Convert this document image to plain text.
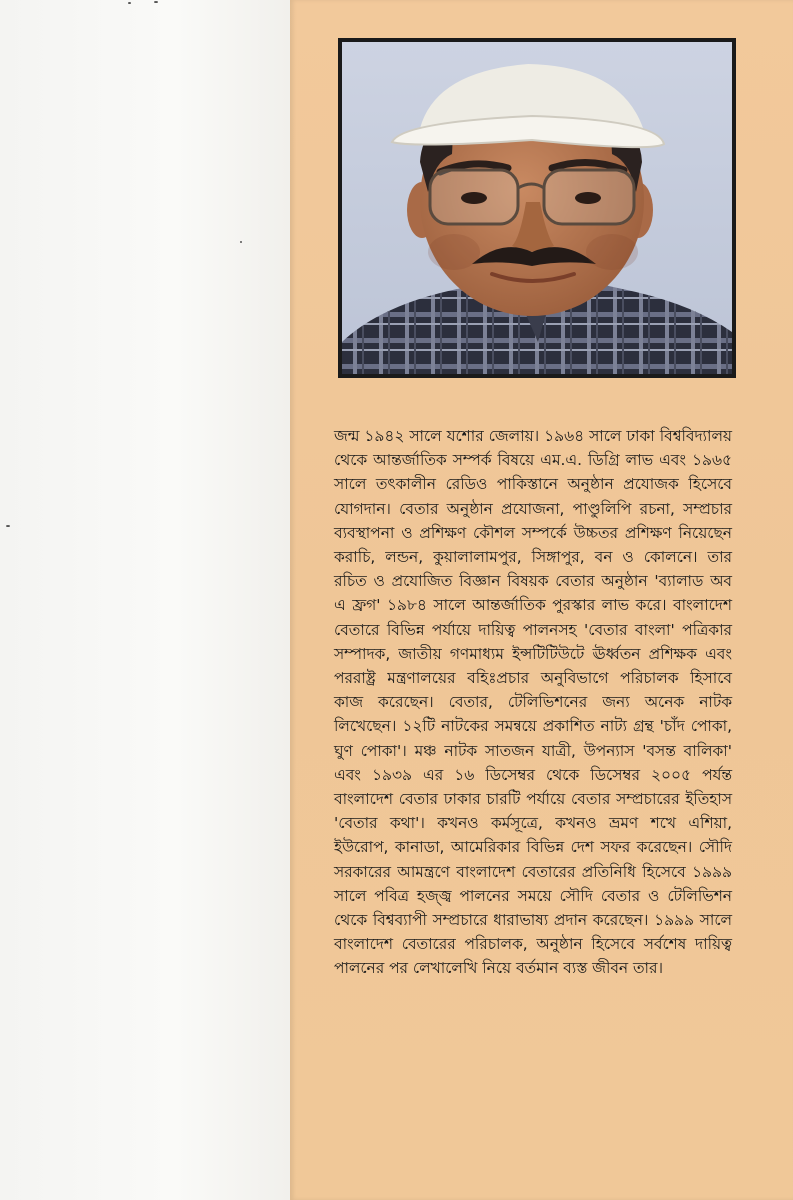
জন্ম ১৯৪২ সালে যশোর জেলায়। ১৯৬৪ সালে ঢাকা বিশ্ববিদ্যালয় থেকে আন্তর্জাতিক সম্পর্ক বিষয়ে এম.এ. ডিগ্রি লাভ এবং ১৯৬৫ সালে তৎকালীন রেডিও পাকিস্তানে অনুষ্ঠান প্রযোজক হিসেবে যোগদান। বেতার অনুষ্ঠান প্রযোজনা, পাণ্ডুলিপি রচনা, সম্প্রচার ব্যবস্থাপনা ও প্রশিক্ষণ কৌশল সম্পর্কে উচ্চতর প্রশিক্ষণ নিয়েছেন করাচি, লন্ডন, কুয়ালালামপুর, সিঙ্গাপুর, বন ও কোলনে। তার রচিত ও প্রযোজিত বিজ্ঞান বিষয়ক বেতার অনুষ্ঠান 'ব্যালাড অব এ ফ্রগ' ১৯৮৪ সালে আন্তর্জাতিক পুরস্কার লাভ করে। বাংলাদেশ বেতারে বিভিন্ন পর্যায়ে দায়িত্ব পালনসহ 'বেতার বাংলা' পত্রিকার সম্পাদক, জাতীয় গণমাধ্যম ইন্সটিটিউটে ঊর্ধ্বতন প্রশিক্ষক এবং পররাষ্ট্র মন্ত্রণালয়ের বহিঃপ্রচার অনুবিভাগে পরিচালক হিসাবে কাজ করেছেন। বেতার, টেলিভিশনের জন্য অনেক নাটক লিখেছেন। ১২টি নাটকের সমন্বয়ে প্রকাশিত নাট্য গ্রন্থ 'চাঁদ পোকা, ঘুণ পোকা'। মঞ্চ নাটক সাতজন যাত্রী, উপন্যাস 'বসন্ত বালিকা' এবং ১৯৩৯ এর ১৬ ডিসেম্বর থেকে ডিসেম্বর ২০০৫ পর্যন্ত বাংলাদেশ বেতার ঢাকার চারটি পর্যায়ে বেতার সম্প্রচারের ইতিহাস 'বেতার কথা'। কখনও কর্মসূত্রে, কখনও ভ্রমণ শখে এশিয়া, ইউরোপ, কানাডা, আমেরিকার বিভিন্ন দেশ সফর করেছেন। সৌদি সরকারের আমন্ত্রণে বাংলাদেশ বেতারের প্রতিনিধি হিসেবে ১৯৯৯ সালে পবিত্র হজ্জ্ব পালনের সময়ে সৌদি বেতার ও টেলিভিশন থেকে বিশ্বব্যাপী সম্প্রচারে ধারাভাষ্য প্রদান করেছেন। ১৯৯৯ সালে বাংলাদেশ বেতারের পরিচালক, অনুষ্ঠান হিসেবে সর্বশেষ দায়িত্ব পালনের পর লেখালেখি নিয়ে বর্তমান ব্যস্ত জীবন তার।
